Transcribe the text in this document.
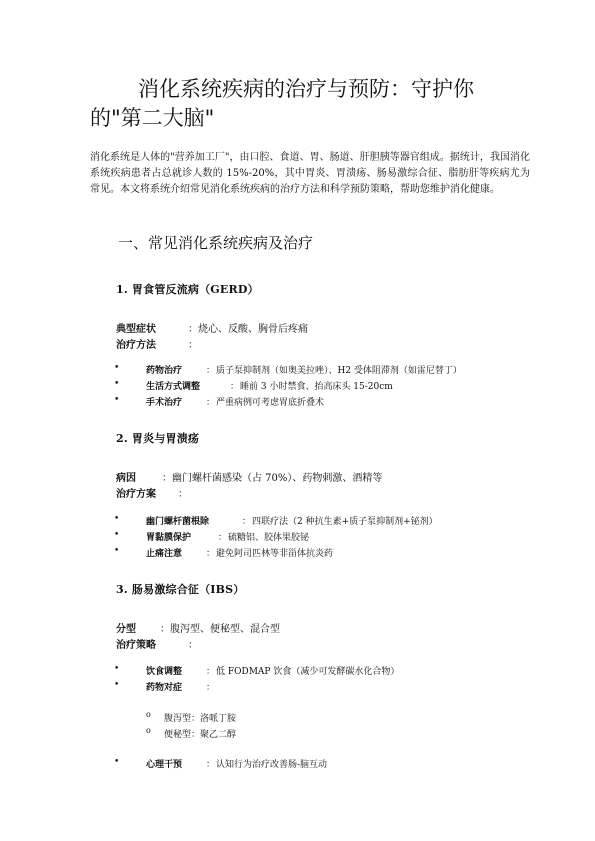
消化系统疾病的治疗与预防：守护你的"第二大脑"

消化系统是人体的"营养加工厂"，由口腔、食道、胃、肠道、肝胆胰等器官组成。据统计，我国消化系统疾病患者占总就诊人数的 15%-20%，其中胃炎、胃溃疡、肠易激综合征、脂肪肝等疾病尤为常见。本文将系统介绍常见消化系统疾病的治疗方法和科学预防策略，帮助您维护消化健康。

一、常见消化系统疾病及治疗
1. 胃食管反流病（GERD）
典型症状	：烧心、反酸、胸骨后疼痛
治疗方法	：
•	药物治疗	： 质子泵抑制剂（如奥美拉唑）、H2 受体阻滞剂（如雷尼替丁）
•	生活方式调整	： 睡前 3 小时禁食、抬高床头 15-20cm
•	手术治疗	： 严重病例可考虑胃底折叠术
2. 胃炎与胃溃疡
病因	：幽门螺杆菌感染（占 70%）、药物刺激、酒精等
治疗方案 ：
•	幽门螺杆菌根除	： 四联疗法（2 种抗生素+质子泵抑制剂+铋剂）
•	胃黏膜保护	： 硫糖铝、胶体果胶铋
•	止痛注意	： 避免阿司匹林等非甾体抗炎药
3. 肠易激综合征（IBS）
分型 ：腹泻型、便秘型、混合型
治疗策略	：
•	饮食调整	： 低 FODMAP 饮食（减少可发酵碳水化合物）
•	药物对症	：
o 腹泻型：洛哌丁胺
o 便秘型：聚乙二醇
•	心理干预	： 认知行为治疗改善肠-脑互动
